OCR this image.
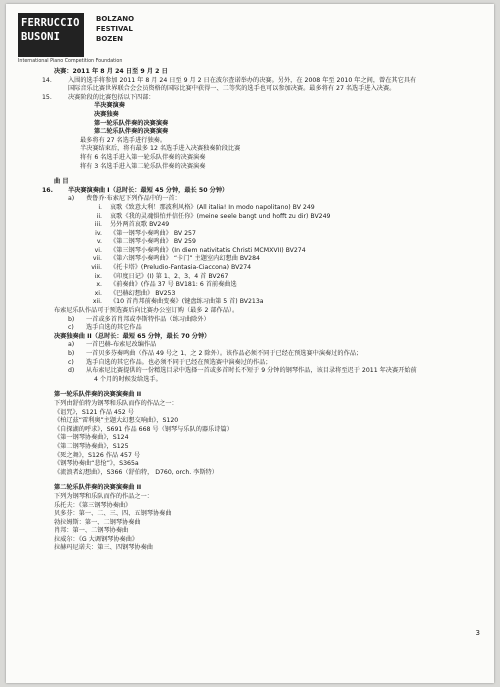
FERRUCCIO
BUSONI
International Piano Competition Foundation
BOLZANO
FESTIVAL
BOZEN
决赛：2011 年 8 月 24 日至 9 月 2 日
14.	入围的选手将参加 2011 年 8 月 24 日至 9 月 2 日在波尔查诺举办的决赛。另外，在 2008 年至 2010 年之间，曾在其它具有
国际音乐比赛世界联合会会员资格的国际比赛中获得一、二等奖的选手也可以参加决赛。最多将有 27 名选手进入决赛。
15.	决赛阶段的比赛包括以下四部：
半决赛演奏
决赛独奏
第一轮乐队伴奏的决赛演奏
第二轮乐队伴奏的决赛演奏
最多将有 27 名选手进行独奏。
半决赛结束后，将有最多 12 名选手进入决赛独奏阶段比赛
将有 6 名选手进入第一轮乐队伴奏的决赛演奏
将有 3 名选手进入第二轮乐队伴奏的决赛演奏
曲 目
16. 半决赛演奏曲 I（总时长：最短 45 分钟，最长 50 分钟）
a) 费鲁乔·布索尼下列作品中的一首：
i. 哀歌《致意大利！那波利风格》(All italia! In modo napolitano) BV 249
ii. 哀歌《我的灵魂惧怕并信任你》(meine seele bangt und hofft zu dir) BV249
iii. 另外两首哀歌 BV249
iv. 《第一钢琴小奏鸣曲》 BV 257
v. 《第二钢琴小奏鸣曲》 BV 259
vi. 《第三钢琴小奏鸣曲》(In diem nativitatis Christi MCMXVII) BV274
vii. 《第六钢琴小奏鸣曲》 “卡门” 主题室内幻想曲 BV284
viii. 《托卡塔》(Preludio-Fantasia-Ciaccona) BV274
ix. 《印度日记》(I) 第 1、2、3、4 首 BV267
x. 《前奏曲》(作品 37 号 BV181: 6 首前奏曲选
xi. 《巴赫幻想曲》 BV253
xii. 《10 首肖邦前奏曲变奏》(键盘练习曲第 5 首) BV213a
布索尼乐队作品可于预选赛后向比赛办公室订购（最多 2 部作品）。
b) 一首或多首肖邦或李斯特作品（练习曲除外）
c) 选手自选的其它作品
决赛独奏曲 II（总时长：最短 65 分钟，最长 70 分钟）
a) 一首巴赫-布索尼改编作品
b) 一首贝多芬奏鸣曲（作品 49 号之 1、之 2 除外）。该作品必须不同于已经在预选赛中演奏过的作品；
c) 选手自选的其它作品。也必须不同于已经在预选赛中演奏过的作品；
d) 从布索尼比赛提供的一份精选目录中选择一首或多首时长不短于 9 分钟的钢琴作品，该目录将至迟于 2011 年决赛开始前
4 个月的时候发给选手。
第一轮乐队伴奏的决赛演奏曲 II
下列由舒伯特为钢琴和乐队而作的作品之一：
《诅咒》，S121 作品 452 号
《柏辽兹“雷利奥”主题大幻想交响曲》，S120
《自探湖的呼求》，S691 作品 668 号（钢琴与乐队的器乐诗篇）
《第一钢琴协奏曲》，S124
《第二钢琴协奏曲》，S125
《死之舞》，S126 作品 457 号
《钢琴协奏曲“悲怆”》，S365a
《流浪者幻想曲》，S366（舒伯特， D760, orch. 李斯特）
第二轮乐队伴奏的决赛演奏曲 II
下列为钢琴和乐队而作的作品之一：
乐托夫：《第三钢琴协奏曲》
贝多芬：第一、二、三、四、五钢琴协奏曲
勃拉姆斯：第一、二钢琴协奏曲
肖邦：第一、二钢琴协奏曲
拉威尔：《G 大调钢琴协奏曲》
拉赫玛尼诺夫：第三、四钢琴协奏曲
3
